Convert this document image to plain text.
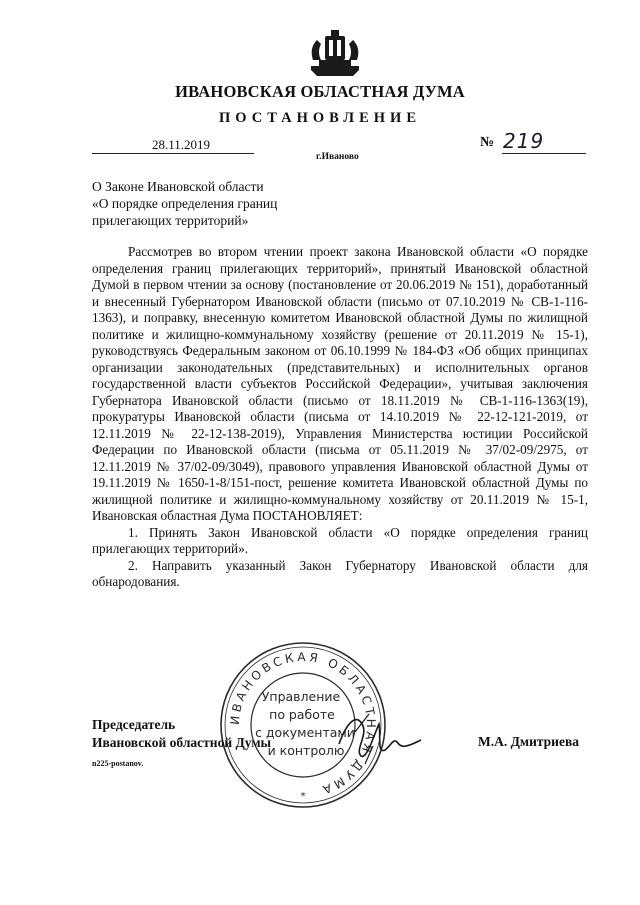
ИВАНОВСКАЯ ОБЛАСТНАЯ ДУМА
ПОСТАНОВЛЕНИЕ
28.11.2019	№ 219
г.Иваново
О Законе Ивановской области
«О порядке определения границ
прилегающих территорий»

Рассмотрев во втором чтении проект закона Ивановской области «О порядке определения границ прилегающих территорий», принятый Ивановской областной Думой в первом чтении за основу (постановление от 20.06.2019 № 151), доработанный и внесенный Губернатором Ивановской области (письмо от 07.10.2019 № СВ-1-116-1363), и поправку, внесенную комитетом Ивановской областной Думы по жилищной политике и жилищно-коммунальному хозяйству (решение от 20.11.2019 № 15-1), руководствуясь Федеральным законом от 06.10.1999 № 184-ФЗ «Об общих принципах организации законодательных (представительных) и исполнительных органов государственной власти субъектов Российской Федерации», учитывая заключения Губернатора Ивановской области (письмо от 18.11.2019 № СВ-1-116-1363(19), прокуратуры Ивановской области (письма от 14.10.2019 № 22-12-121-2019, от 12.11.2019 № 22-12-138-2019), Управления Министерства юстиции Российской Федерации по Ивановской области (письма от 05.11.2019 № 37/02-09/2975, от 12.11.2019 № 37/02-09/3049), правового управления Ивановской областной Думы от 19.11.2019 № 1650-1-8/151-пост, решение комитета Ивановской областной Думы по жилищной политике и жилищно-коммунальному хозяйству от 20.11.2019 № 15-1, Ивановская областная Дума ПОСТАНОВЛЯЕТ:

1. Принять Закон Ивановской области «О порядке определения границ прилегающих территорий».

2. Направить указанный Закон Губернатору Ивановской области для обнародования.

ИВАНОВСКАЯ ОБЛАСТНАЯ ДУМА
*
Управление
по работе
с документами
и контролю
Председатель
Ивановской областной Думы	М.А. Дмитриева
n225-postanov.
